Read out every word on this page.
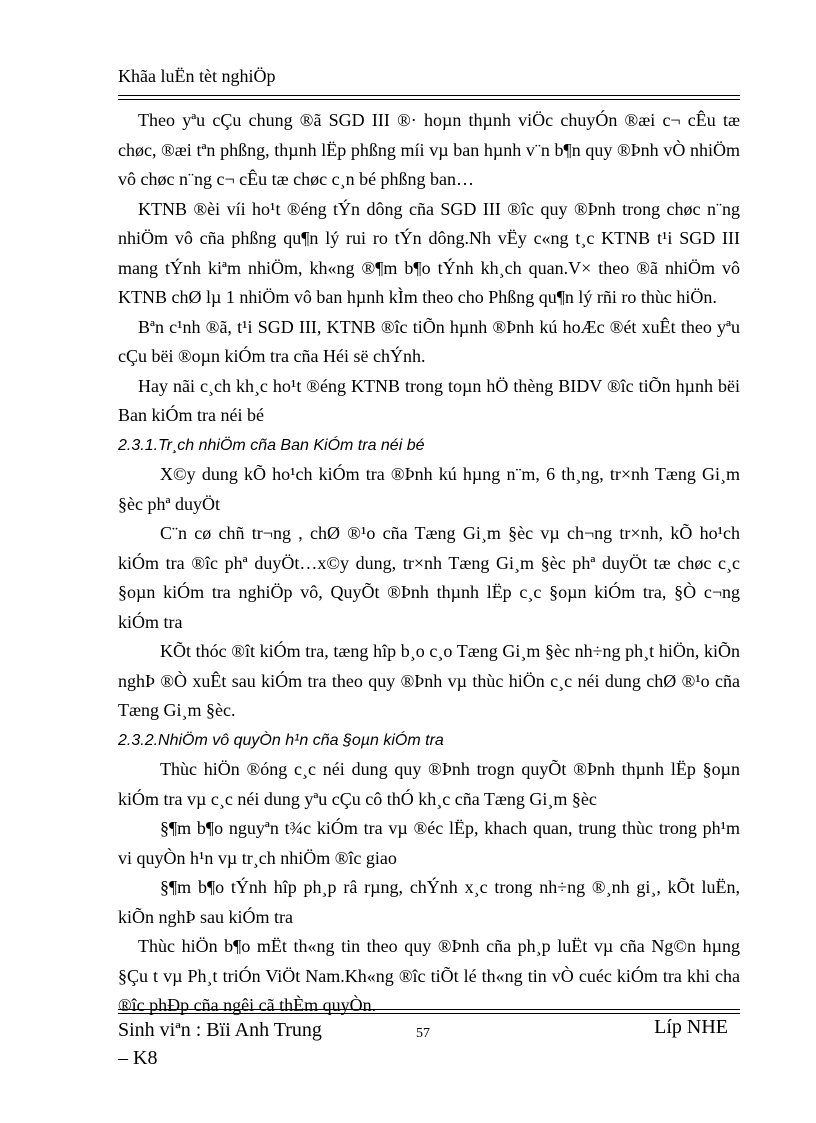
Khãa luËn tèt nghiÖp

Theo yªu cÇu chung ®ã SGD III ®· hoµn thµnh viÖc chuyÓn ®æi c¬ cÊu tæ chøc, ®æi tªn phßng, thµnh lËp phßng míi vµ ban hµnh v¨n b¶n quy ®Þnh vÒ nhiÖm vô chøc n¨ng c¬ cÊu tæ chøc c¸n bé phßng ban…

KTNB ®èi víi ho¹t ®éng tÝn dông cña SGD III ®îc quy ®Þnh trong chøc n¨ng nhiÖm vô cña phßng qu¶n lý rui ro tÝn dông.Nh vËy c«ng t¸c KTNB t¹i SGD III mang tÝnh kiªm nhiÖm, kh«ng ®¶m b¶o tÝnh kh¸ch quan.V× theo ®ã nhiÖm vô KTNB chØ lµ 1 nhiÖm vô ban hµnh kÌm theo cho Phßng qu¶n lý rñi ro thùc hiÖn.

Bªn c¹nh ®ã, t¹i SGD III, KTNB ®îc tiÕn hµnh ®Þnh kú hoÆc ®ét xuÊt theo yªu cÇu bëi ®oµn kiÓm tra cña Héi së chÝnh.

Hay nãi c¸ch kh¸c ho¹t ®éng KTNB trong toµn hÖ thèng BIDV ®îc tiÕn hµnh bëi Ban kiÓm tra néi bé

2.3.1.Tr¸ch nhiÖm cña Ban KiÓm tra néi bé

X©y dung kÕ ho¹ch kiÓm tra ®Þnh kú hµng n¨m, 6 th¸ng, tr×nh Tæng Gi¸m §èc phª duyÖt

C¨n cø chñ tr¬ng , chØ ®¹o cña Tæng Gi¸m §èc vµ ch¬ng tr×nh, kÕ ho¹ch kiÓm tra ®îc phª duyÖt…x©y dung, tr×nh Tæng Gi¸m §èc phª duyÖt tæ chøc c¸c §oµn kiÓm tra nghiÖp vô, QuyÕt ®Þnh thµnh lËp c¸c §oµn kiÓm tra, §Ò c¬ng kiÓm tra

KÕt thóc ®ît kiÓm tra, tæng hîp b¸o c¸o Tæng Gi¸m §èc nh÷ng ph¸t hiÖn, kiÕn nghÞ ®Ò xuÊt sau kiÓm tra theo quy ®Þnh vµ thùc hiÖn c¸c néi dung chØ ®¹o cña Tæng Gi¸m §èc.

2.3.2.NhiÖm vô quyÒn h¹n cña §oµn kiÓm tra

Thùc hiÖn ®óng c¸c néi dung quy ®Þnh trogn quyÕt ®Þnh thµnh lËp §oµn kiÓm tra vµ c¸c néi dung yªu cÇu cô thÓ kh¸c cña Tæng Gi¸m §èc

§¶m b¶o nguyªn t¾c kiÓm tra vµ ®éc lËp, khach quan, trung thùc trong ph¹m vi quyÒn h¹n vµ tr¸ch nhiÖm ®îc giao

§¶m b¶o tÝnh hîp ph¸p râ rµng, chÝnh x¸c trong nh÷ng ®¸nh gi¸, kÕt luËn, kiÕn nghÞ sau kiÓm tra

Thùc hiÖn b¶o mËt th«ng tin theo quy ®Þnh cña ph¸p luËt vµ cña Ng©n hµng §Çu t vµ Ph¸t triÓn ViÖt Nam.Kh«ng ®îc tiÕt lé th«ng tin vÒ cuéc kiÓm tra khi cha ®îc phÐp cña ngêi cã thÈm quyÒn.

Sinh viªn : Bïi Anh Trung
– K8
57	Líp NHE
